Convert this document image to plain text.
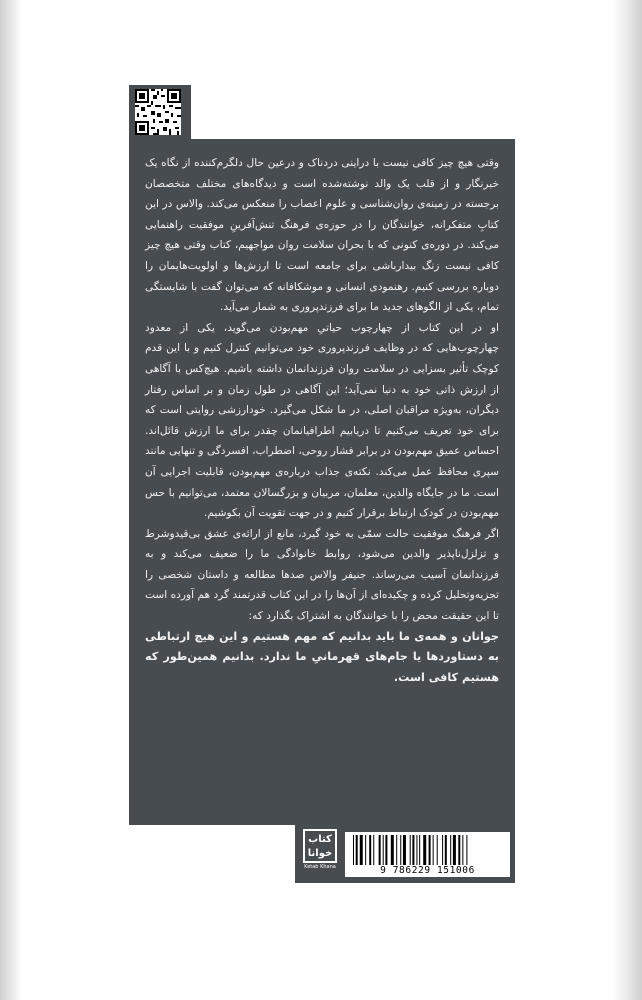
وقتی هیچ چیز کافی نیست با دراینی دردناک و درعین حال دلگرم‌کننده از نگاه یک خبرنگار و از قلب یک والد نوشته‌شده است و دیدگاه‌های مختلف متخصصان برجسته در زمینه‌ی روان‌شناسی و علوم اعصاب را منعکس می‌کند. والاس در این کتابِ متفکرانه، خوانندگان را در حوزه‌ی فرهنگ تنش‌آفرینِ موفقیت راهنمایی می‌کند. در دوره‌ی کنونی که با بحران سلامت روان مواجهیم، کتاب وقتی هیچ چیز کافی نیست زنگ بیدارباشی برای جامعه است تا ارزش‌ها و اولویت‌هایمان را دوباره بررسی کنیم. رهنمودی انسانی و موشکافانه که می‌توان گفت با شایستگی تمام، یکی از الگوهای جدید ما برای فرزندپروری به شمار می‌آید.

او در این کتاب از چهارچوب حیاتیِ مهم‌بودن می‌گوید، یکی از معدود چهارچوب‌هایی که در وظایف فرزندپروری خود می‌توانیم کنترل کنیم و با این قدم کوچک تأثیر بسزایی در سلامت روان فرزندانمان داشته باشیم. هیچ‌کس با آگاهی از ارزش ذاتی خود به دنیا نمی‌آید؛ این آگاهی در طول زمان و بر اساس رفتار دیگران، به‌ویژه مراقبان اصلی، در ما شکل می‌گیرد. خودارزشی روایتی است که برای خود تعریف می‌کنیم تا دریابیم اطرافیانمان چقدر برای ما ارزش قائل‌اند. احساس عمیق مهم‌بودن در برابر فشار روحی، اضطراب، افسردگی و تنهایی مانند سپری محافظ عمل می‌کند. نکته‌ی جذاب درباره‌ی مهم‌بودن، قابلیت اجرایی آن است. ما در جایگاه والدین، معلمان، مربیان و بزرگسالان معتمد، می‌توانیم با حس مهم‌بودن در کودک ارتباط برقرار کنیم و در جهت تقویت آن بکوشیم.

اگر فرهنگ موفقیت حالت سمّی به خود گیرد، مانع از ارائه‌ی عشق بی‌قیدوشرط و تزلزل‌ناپذیر والدین می‌شود، روابط خانوادگی ما را ضعیف می‌کند و به فرزندانمان آسیب می‌رساند. جنیفر والاس صدها مطالعه و داستان شخصی را تجزیه‌وتحلیل کرده و چکیده‌ای از آن‌ها را در این کتاب قدرتمند گرد هم آورده است تا این حقیقت محض را با خوانندگان به اشتراک بگذارد که:

جوانان و همه‌ی ما باید بدانیم که مهم هستیم و این هیچ ارتباطی به دستاوردها یا جام‌های قهرمانیِ ما ندارد. بدانیم همین‌طور که هستیم کافی است.

کتاب
خوانا
Ketab Khana	9 786229 151006
